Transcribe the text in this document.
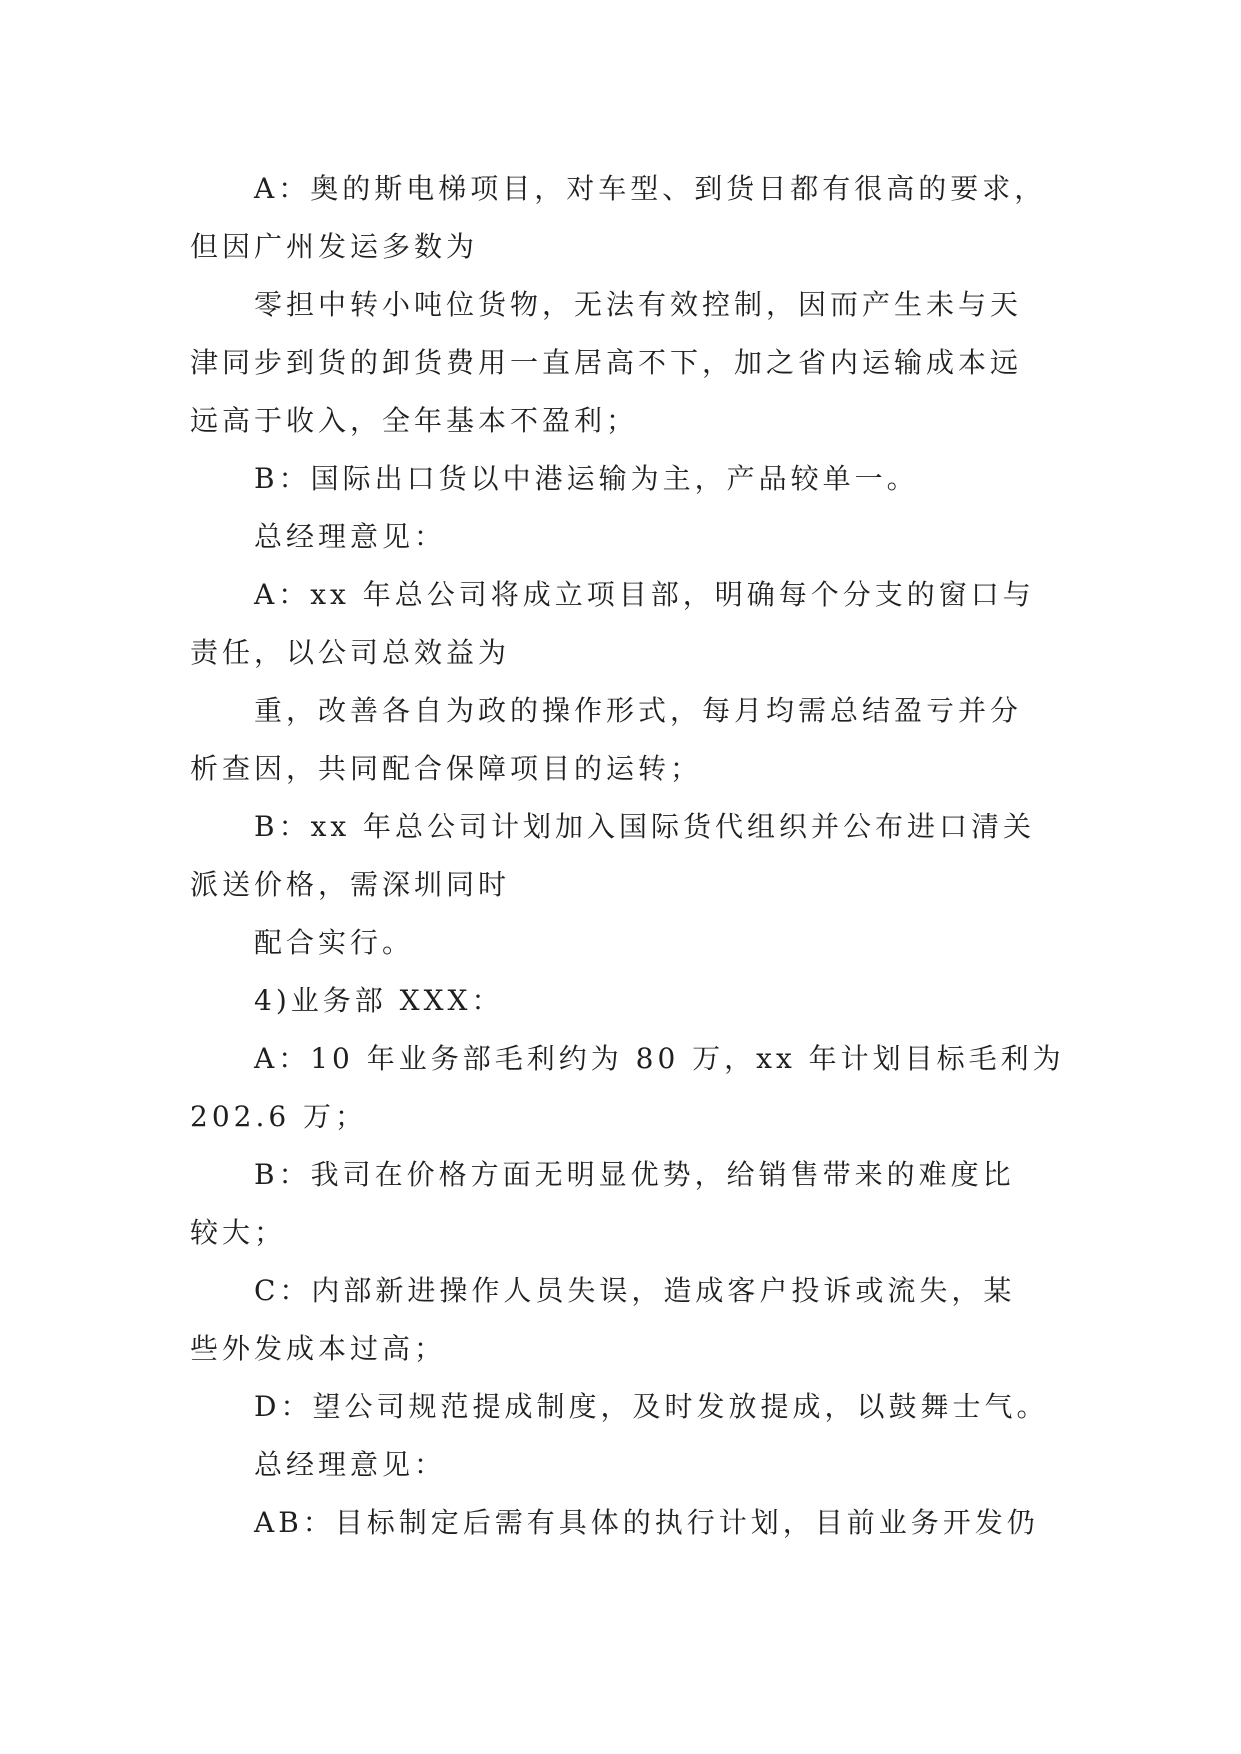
A：奥的斯电梯项目，对车型、到货日都有很高的要求，
但因广州发运多数为
零担中转小吨位货物，无法有效控制，因而产生未与天
津同步到货的卸货费用一直居高不下，加之省内运输成本远
远高于收入，全年基本不盈利；
B：国际出口货以中港运输为主，产品较单一。
总经理意见：
A：xx 年总公司将成立项目部，明确每个分支的窗口与
责任，以公司总效益为
重，改善各自为政的操作形式，每月均需总结盈亏并分
析查因，共同配合保障项目的运转；
B：xx 年总公司计划加入国际货代组织并公布进口清关
派送价格，需深圳同时
配合实行。
4)业务部 XXX：
A：10 年业务部毛利约为 80 万，xx 年计划目标毛利为
202.6 万；
B：我司在价格方面无明显优势，给销售带来的难度比
较大；
C：内部新进操作人员失误，造成客户投诉或流失，某
些外发成本过高；
D：望公司规范提成制度，及时发放提成，以鼓舞士气。
总经理意见：
AB：目标制定后需有具体的执行计划，目前业务开发仍
